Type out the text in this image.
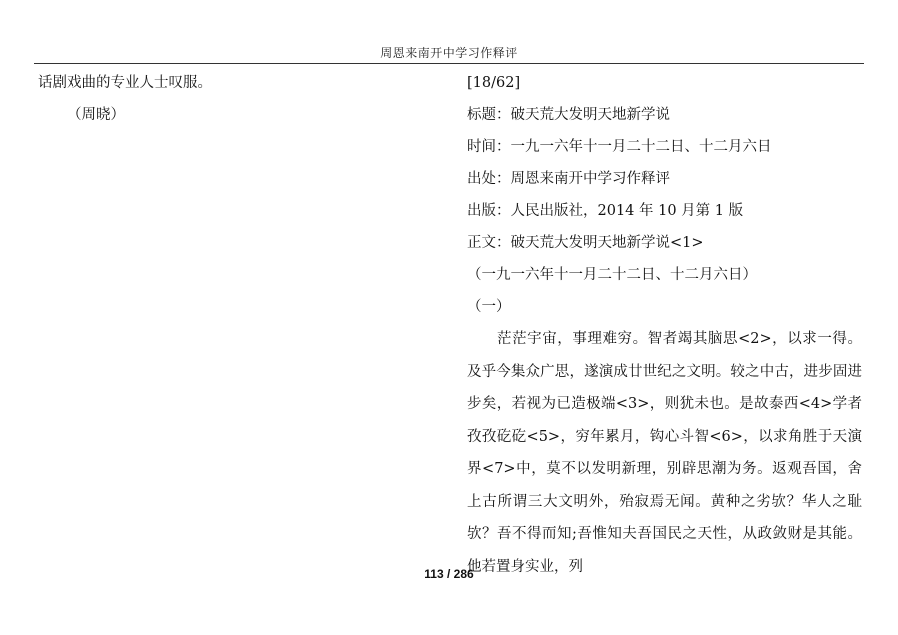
周恩来南开中学习作释评
话剧戏曲的专业人士叹服。
（周晓）
[18/62]
标题：破天荒大发明天地新学说
时间：一九一六年十一月二十二日、十二月六日
出处：周恩来南开中学习作释评
出版：人民出版社，2014 年 10 月第 1 版
正文：破天荒大发明天地新学说<1>
（一九一六年十一月二十二日、十二月六日）
（一）

茫茫宇宙，事理难穷。智者竭其脑思<2>，以求一得。及乎今集众广思，遂演成廿世纪之文明。较之中古，进步固进步矣，若视为已造极端<3>，则犹未也。是故泰西<4>学者孜孜矻矻<5>，穷年累月，钩心斗智<6>，以求角胜于天演界<7>中，莫不以发明新理，别辟思潮为务。返观吾国，舍上古所谓三大文明外，殆寂焉无闻。黄种之劣欤？华人之耻欤？吾不得而知;吾惟知夫吾国民之天性，从政敛财是其能。他若置身实业，列

113 / 286
